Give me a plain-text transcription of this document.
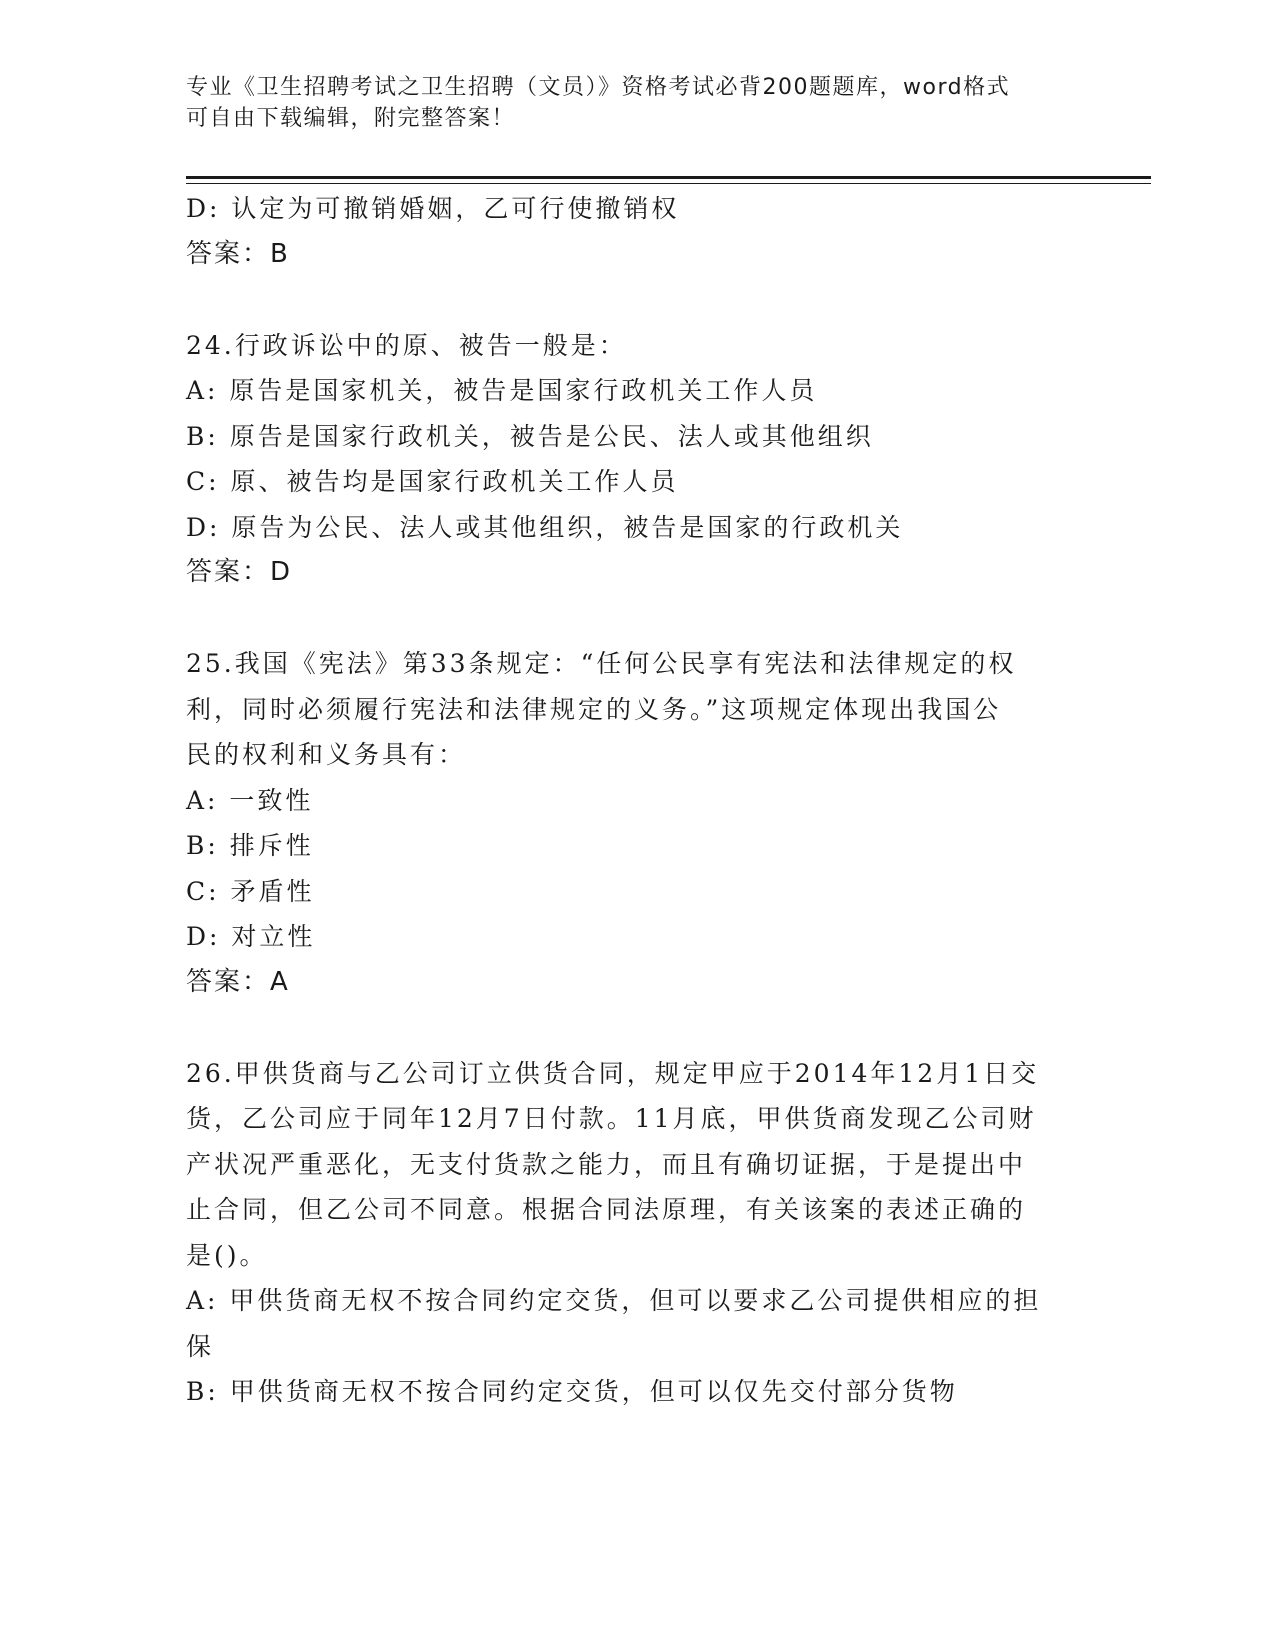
专业《卫生招聘考试之卫生招聘（文员）》资格考试必背200题题库，word格式
可自由下载编辑，附完整答案！
D: 认定为可撤销婚姻，乙可行使撤销权
答案：B
24.行政诉讼中的原、被告一般是：
A: 原告是国家机关，被告是国家行政机关工作人员
B: 原告是国家行政机关，被告是公民、法人或其他组织
C: 原、被告均是国家行政机关工作人员
D: 原告为公民、法人或其他组织，被告是国家的行政机关
答案：D
25.我国《宪法》第33条规定：“任何公民享有宪法和法律规定的权
利，同时必须履行宪法和法律规定的义务。”这项规定体现出我国公
民的权利和义务具有：
A: 一致性
B: 排斥性
C: 矛盾性
D: 对立性
答案：A
26.甲供货商与乙公司订立供货合同，规定甲应于2014年12月1日交
货，乙公司应于同年12月7日付款。11月底，甲供货商发现乙公司财
产状况严重恶化，无支付货款之能力，而且有确切证据，于是提出中
止合同，但乙公司不同意。根据合同法原理，有关该案的表述正确的
是()。
A: 甲供货商无权不按合同约定交货，但可以要求乙公司提供相应的担
保
B: 甲供货商无权不按合同约定交货，但可以仅先交付部分货物
